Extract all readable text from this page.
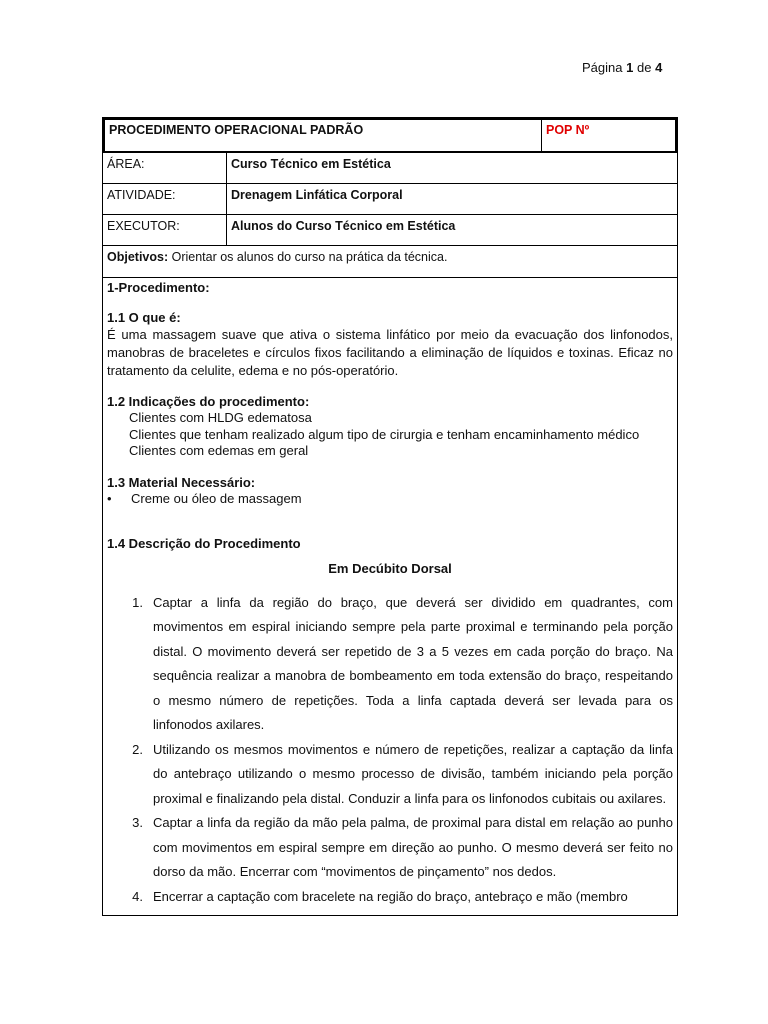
Página 1 de 4
PROCEDIMENTO OPERACIONAL PADRÃO	POP Nº
ÁREA:	Curso Técnico em Estética
ATIVIDADE:	Drenagem Linfática Corporal
EXECUTOR:	Alunos do Curso Técnico em Estética
Objetivos: Orientar os alunos do curso na prática da técnica.
1-Procedimento:
1.1 O que é:
É uma massagem suave que ativa o sistema linfático por meio da evacuação dos linfonodos, manobras de braceletes e círculos fixos facilitando a eliminação de líquidos e toxinas. Eficaz no tratamento da celulite, edema e no pós-operatório.
1.2 Indicações do procedimento:
Clientes com HLDG edematosa
Clientes que tenham realizado algum tipo de cirurgia e tenham encaminhamento médico
Clientes com edemas em geral
1.3 Material Necessário:
•	Creme ou óleo de massagem
1.4 Descrição do Procedimento
Em Decúbito Dorsal
1. Captar a linfa da região do braço, que deverá ser dividido em quadrantes, com movimentos em espiral iniciando sempre pela parte proximal e terminando pela porção distal. O movimento deverá ser repetido de 3 a 5 vezes em cada porção do braço. Na sequência realizar a manobra de bombeamento em toda extensão do braço, respeitando o mesmo número de repetições. Toda a linfa captada deverá ser levada para os linfonodos axilares.
2. Utilizando os mesmos movimentos e número de repetições, realizar a captação da linfa do antebraço utilizando o mesmo processo de divisão, também iniciando pela porção proximal e finalizando pela distal. Conduzir a linfa para os linfonodos cubitais ou axilares.
3. Captar a linfa da região da mão pela palma, de proximal para distal em relação ao punho com movimentos em espiral sempre em direção ao punho. O mesmo deverá ser feito no dorso da mão. Encerrar com “movimentos de pinçamento” nos dedos.
4. Encerrar a captação com bracelete na região do braço, antebraço e mão (membro
